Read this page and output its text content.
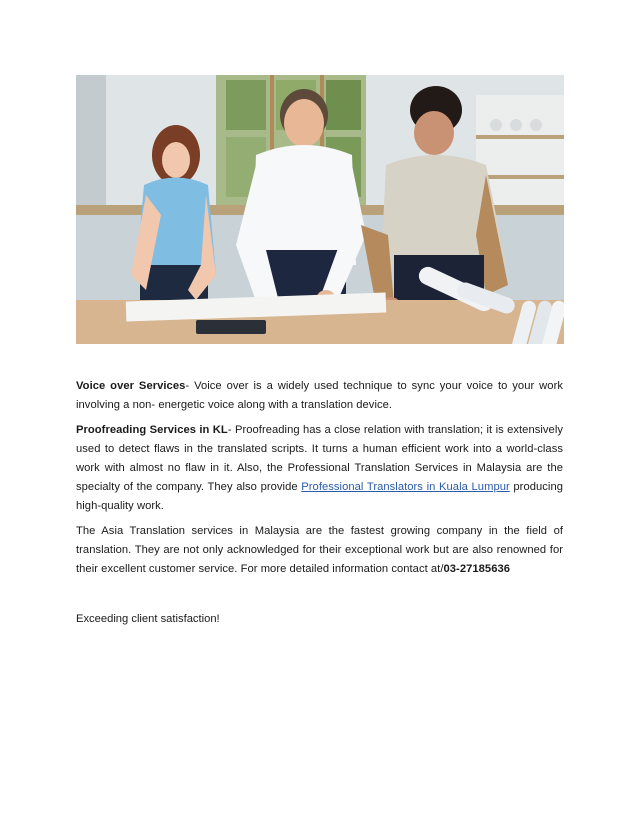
Voice over Services- Voice over is a widely used technique to sync your voice to your work involving a non- energetic voice along with a translation device.

Proofreading Services in KL- Proofreading has a close relation with translation; it is extensively used to detect flaws in the translated scripts. It turns a human efficient work into a world-class work with almost no flaw in it. Also, the Professional Translation Services in Malaysia are the specialty of the company. They also provide Professional Translators in Kuala Lumpur producing high-quality work.

The Asia Translation services in Malaysia are the fastest growing company in the field of translation. They are not only acknowledged for their exceptional work but are also renowned for their excellent customer service. For more detailed information contact at/03-27185636

Exceeding client satisfaction!
